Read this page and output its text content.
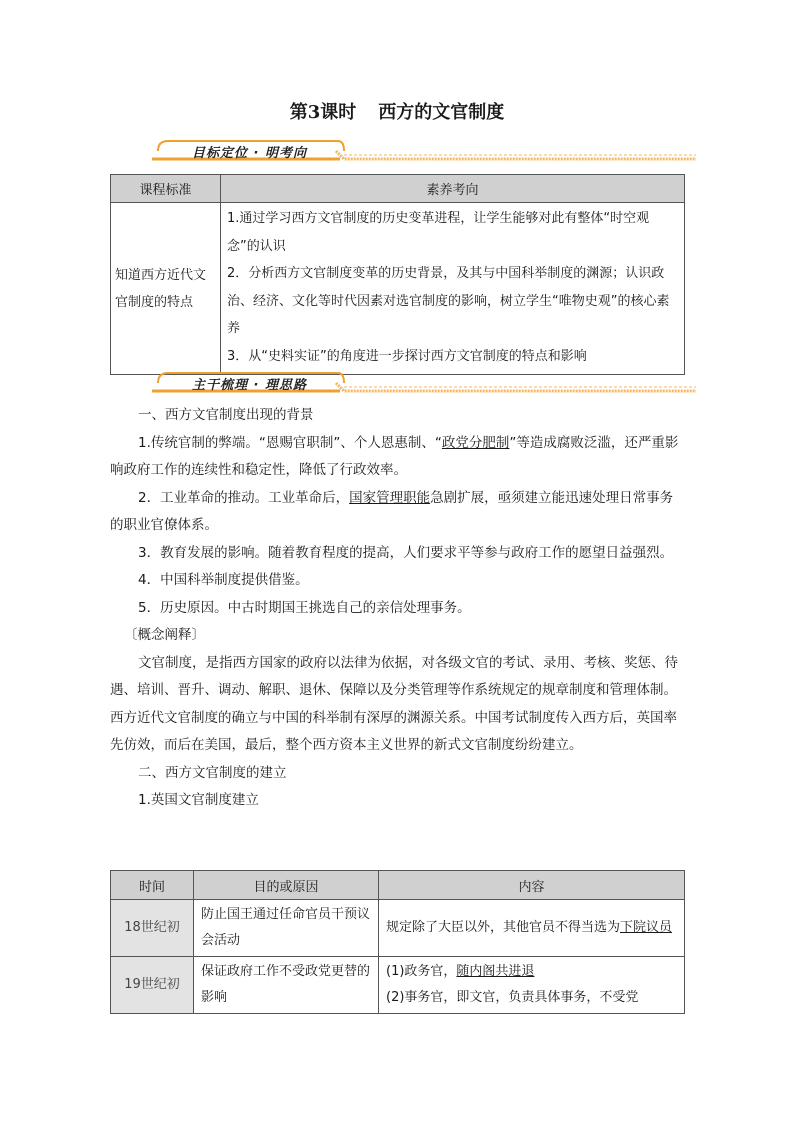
第3课时 西方的文官制度
目标定位 · 明考向
课程标准	素养考向
知道西方近代文官制度的特点	1.通过学习西方文官制度的历史变革进程，让学生能够对此有整体“时空观念”的认识
2．分析西方文官制度变革的历史背景，及其与中国科举制度的渊源；认识政治、经济、文化等时代因素对选官制度的影响，树立学生“唯物史观”的核心素养
3．从“史料实证”的角度进一步探讨西方文官制度的特点和影响
主干梳理 · 理思路

一、西方文官制度出现的背景

1.传统官制的弊端。“恩赐官职制”、个人恩惠制、“政党分肥制”等造成腐败泛滥，还严重影响政府工作的连续性和稳定性，降低了行政效率。

2．工业革命的推动。工业革命后，国家管理职能急剧扩展，亟须建立能迅速处理日常事务的职业官僚体系。

3．教育发展的影响。随着教育程度的提高，人们要求平等参与政府工作的愿望日益强烈。

4．中国科举制度提供借鉴。

5．历史原因。中古时期国王挑选自己的亲信处理事务。

〔概念阐释〕

文官制度，是指西方国家的政府以法律为依据，对各级文官的考试、录用、考核、奖惩、待遇、培训、晋升、调动、解职、退休、保障以及分类管理等作系统规定的规章制度和管理体制。西方近代文官制度的确立与中国的科举制有深厚的渊源关系。中国考试制度传入西方后，英国率先仿效，而后在美国，最后，整个西方资本主义世界的新式文官制度纷纷建立。

二、西方文官制度的建立

1.英国文官制度建立

时间	目的或原因	内容
18世纪初	防止国王通过任命官员干预议会活动	规定除了大臣以外，其他官员不得当选为下院议员
19世纪初	保证政府工作不受政党更替的影响	(1)政务官，随内阁共进退
(2)事务官，即文官，负责具体事务，不受党
